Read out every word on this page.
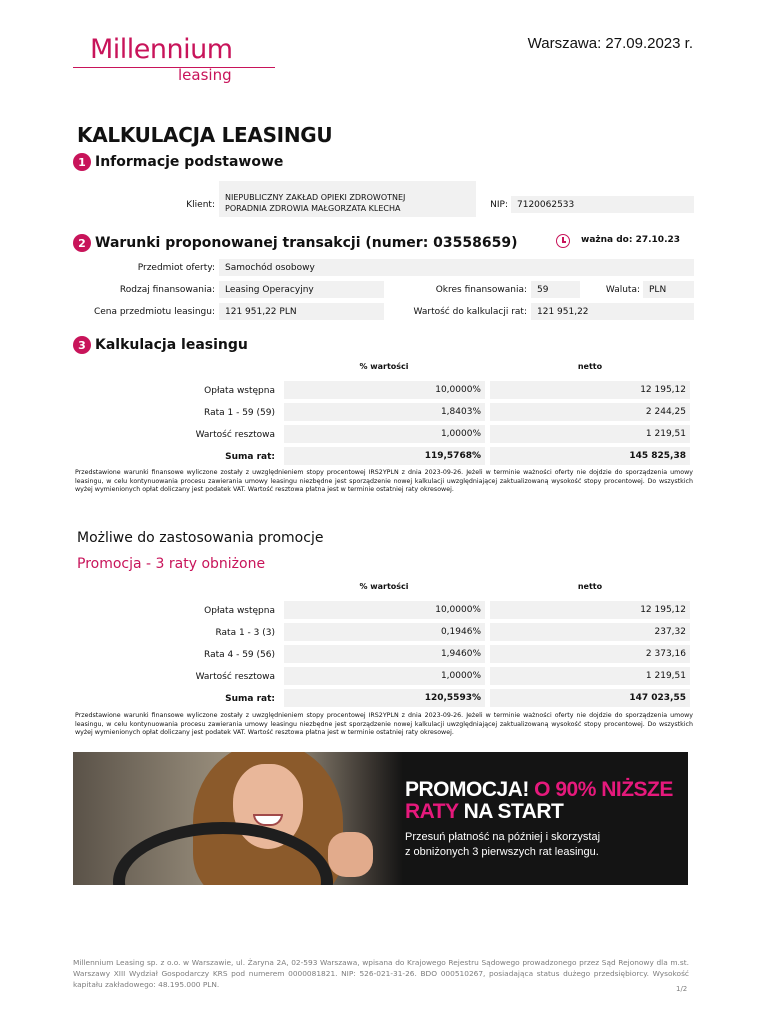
Millennium
leasing
Warszawa: 27.09.2023 r.
KALKULACJA LEASINGU
1 Informacje podstawowe
Klient:
NIEPUBLICZNY ZAKŁAD OPIEKI ZDROWOTNEJ
PORADNIA ZDROWIA MAŁGORZATA KLECHA	NIP:	7120062533
2 Warunki proponowanej transakcji (numer: 03558659)	ważna do: 27.10.23
Przedmiot oferty:	Samochód osobowy
Rodzaj finansowania:	Leasing Operacyjny	Okres finansowania:	59	Waluta:	PLN
Cena przedmiotu leasingu:	121 951,22 PLN	Wartość do kalkulacji rat:	121 951,22
3 Kalkulacja leasingu
% wartości	netto
Opłata wstępna	10,0000%	12 195,12
Rata 1 - 59 (59)	1,8403%	2 244,25
Wartość resztowa	1,0000%	1 219,51
Suma rat:	119,5768%	145 825,38
Przedstawione warunki finansowe wyliczone zostały z uwzględnieniem stopy procentowej IRS2YPLN z dnia 2023-09-26. Jeżeli w terminie ważności oferty nie dojdzie do sporządzenia umowy leasingu, w celu kontynuowania procesu zawierania umowy leasingu niezbędne jest sporządzenie nowej kalkulacji uwzględniającej zaktualizowaną wysokość stopy procentowej. Do wszystkich wyżej wymienionych opłat doliczany jest podatek VAT. Wartość resztowa płatna jest w terminie ostatniej raty okresowej.
Możliwe do zastosowania promocje
Promocja - 3 raty obniżone
% wartości	netto
Opłata wstępna	10,0000%	12 195,12
Rata 1 - 3 (3)	0,1946%	237,32
Rata 4 - 59 (56)	1,9460%	2 373,16
Wartość resztowa	1,0000%	1 219,51
Suma rat:	120,5593%	147 023,55
Przedstawione warunki finansowe wyliczone zostały z uwzględnieniem stopy procentowej IRS2YPLN z dnia 2023-09-26. Jeżeli w terminie ważności oferty nie dojdzie do sporządzenia umowy leasingu, w celu kontynuowania procesu zawierania umowy leasingu niezbędne jest sporządzenie nowej kalkulacji uwzględniającej zaktualizowaną wysokość stopy procentowej. Do wszystkich wyżej wymienionych opłat doliczany jest podatek VAT. Wartość resztowa płatna jest w terminie ostatniej raty okresowej.
PROMOCJA! O 90% NIŻSZE
RATY NA START
Przesuń płatność na później i skorzystaj
z obniżonych 3 pierwszych rat leasingu.
Millennium Leasing sp. z o.o. w Warszawie, ul. Żaryna 2A, 02-593 Warszawa, wpisana do Krajowego Rejestru Sądowego prowadzonego przez Sąd Rejonowy dla m.st. Warszawy XIII Wydział Gospodarczy KRS pod numerem 0000081821. NIP: 526-021-31-26. BDO 000510267, posiadająca status dużego przedsiębiorcy. Wysokość kapitału zakładowego: 48.195.000 PLN.	1/2
